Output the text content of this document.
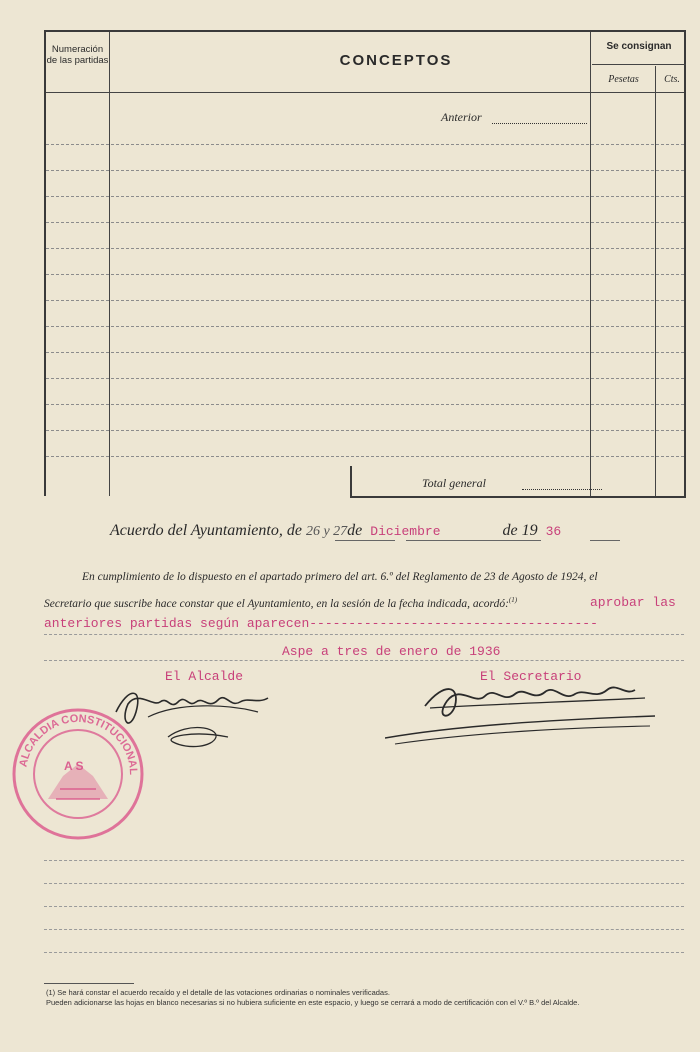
Numeración de las partidas	CONCEPTOS
Se consignan
Pesetas	Cts.
Anterior
Total general
Acuerdo del Ayuntamiento, de 26 y 27de Diciembre	de 19 36
En cumplimiento de lo dispuesto en el apartado primero del art. 6.º del Reglamento de 23 de Agosto de 1924, el
Secretario que suscribe hace constar que el Ayuntamiento, en la sesión de la fecha indicada, acordó:$^{(1)}$	aprobar las
anteriores partidas según aparecen-------------------------------------
Aspe a tres de enero de 1936
El Alcalde	El Secretario
ALCALDIA CONSTITUCIONAL
A S
(1) Se hará constar el acuerdo recaído y el detalle de las votaciones ordinarias o nominales verificadas.
Pueden adicionarse las hojas en blanco necesarias si no hubiera suficiente en este espacio, y luego se cerrará a modo de certificación con el V.º B.º del Alcalde.
